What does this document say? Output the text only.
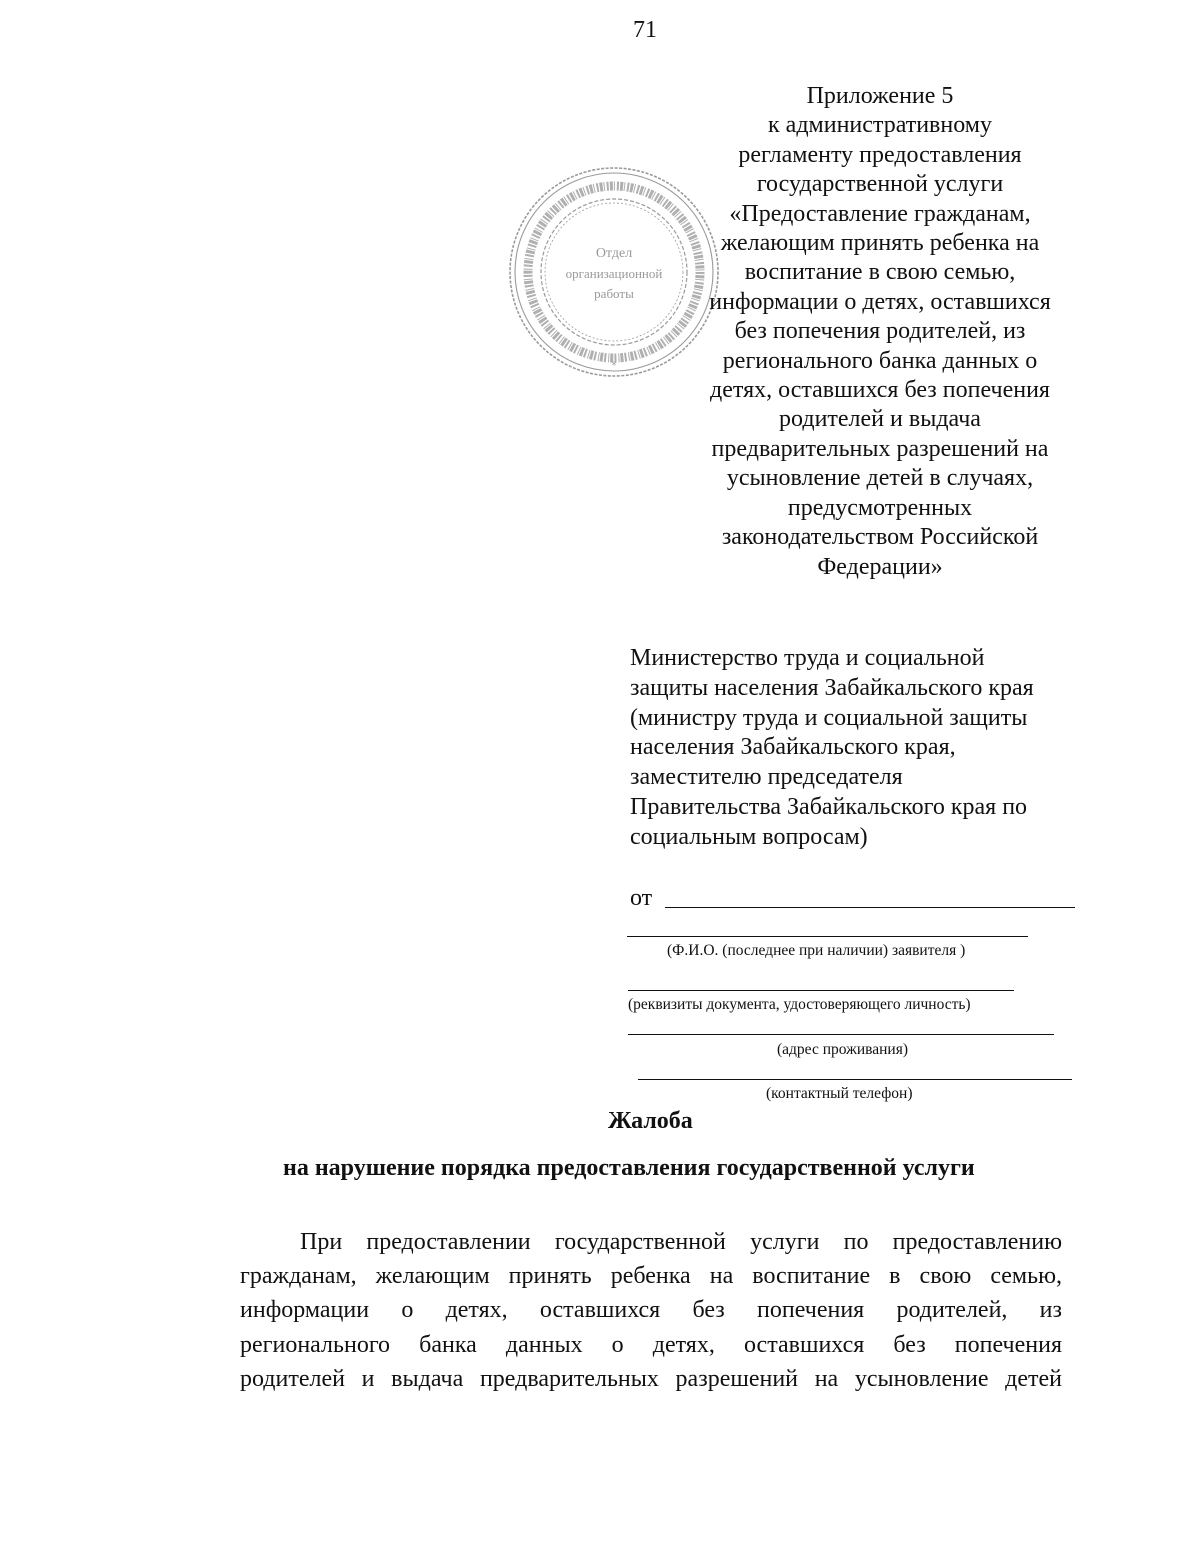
71
Отдел
организационной
работы
*
Приложение 5
к административному
регламенту предоставления
государственной услуги
«Предоставление гражданам,
желающим принять ребенка на
воспитание в свою семью,
информации о детях, оставшихся
без попечения родителей, из
регионального банка данных о
детях, оставшихся без попечения
родителей и выдача
предварительных разрешений на
усыновление детей в случаях,
предусмотренных
законодательством Российской
Федерации»
Министерство труда и социальной
защиты населения Забайкальского края
(министру труда и социальной защиты
населения Забайкальского края,
заместителю председателя
Правительства Забайкальского края по
социальным вопросам)
от
(Ф.И.О. (последнее при наличии) заявителя )
(реквизиты документа, удостоверяющего личность)
(адрес проживания)
(контактный телефон)
Жалоба
на нарушение порядка предоставления государственной услуги
При предоставлении государственной услуги по предоставлению
гражданам, желающим принять ребенка на воспитание в свою семью,
информации о детях, оставшихся без попечения родителей, из
регионального банка данных о детях, оставшихся без попечения
родителей и выдача предварительных разрешений на усыновление детей
